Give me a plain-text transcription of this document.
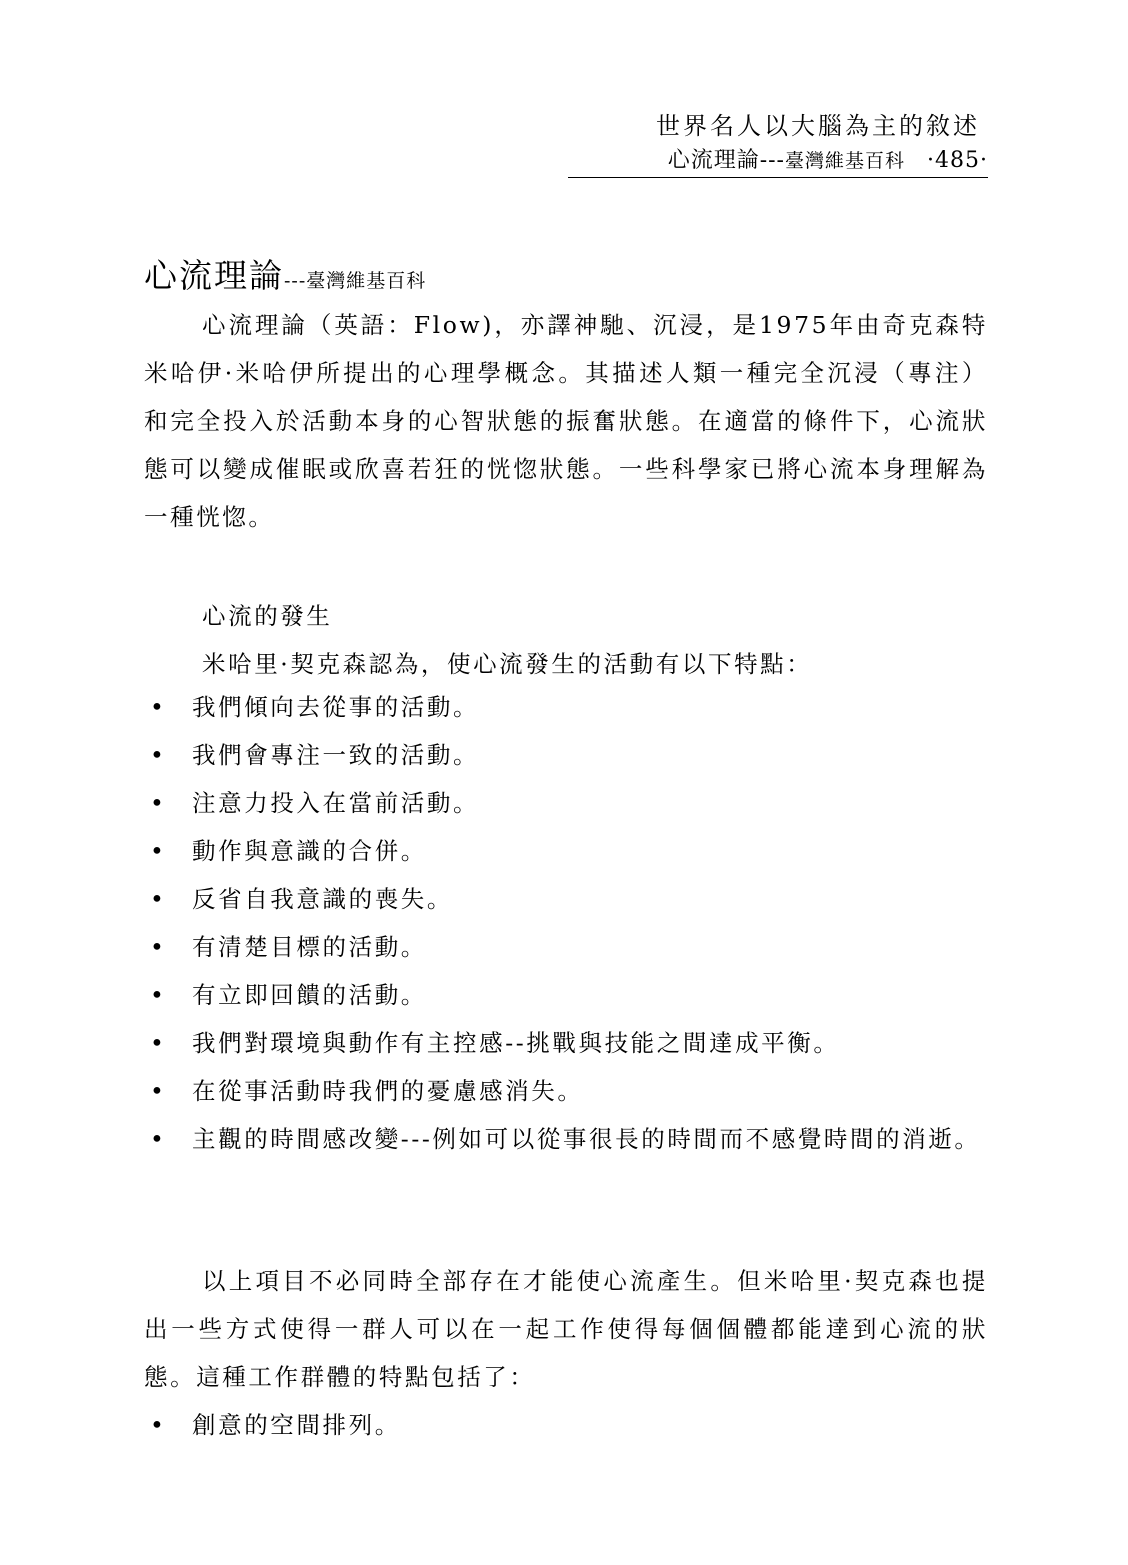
世界名人以大腦為主的敘述
心流理論---臺灣維基百科 ·485·
心流理論---臺灣維基百科

心流理論（英語：Flow)，亦譯神馳、沉浸，是1975年由奇克森特米哈伊·米哈伊所提出的心理學概念。其描述人類一種完全沉浸（專注）和完全投入於活動本身的心智狀態的振奮狀態。在適當的條件下，心流狀態可以變成催眠或欣喜若狂的恍惚狀態。一些科學家已將心流本身理解為一種恍惚。

心流的發生
米哈里·契克森認為，使心流發生的活動有以下特點：
• 我們傾向去從事的活動。
• 我們會專注一致的活動。
• 注意力投入在當前活動。
• 動作與意識的合併。
• 反省自我意識的喪失。
• 有清楚目標的活動。
• 有立即回饋的活動。
• 我們對環境與動作有主控感--挑戰與技能之間達成平衡。
• 在從事活動時我們的憂慮感消失。
• 主觀的時間感改變---例如可以從事很長的時間而不感覺時間的消逝。

以上項目不必同時全部存在才能使心流產生。但米哈里·契克森也提出一些方式使得一群人可以在一起工作使得每個個體都能達到心流的狀態。這種工作群體的特點包括了：

• 創意的空間排列。
